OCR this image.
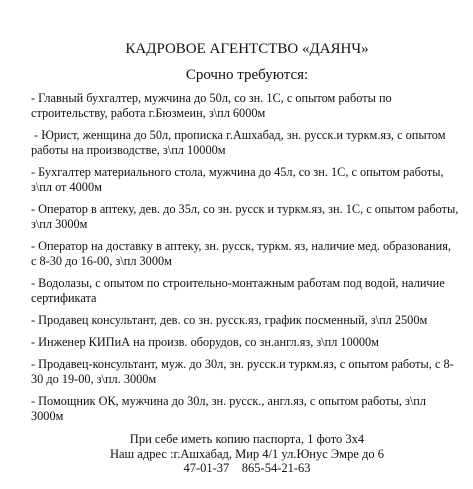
КАДРОВОЕ АГЕНТСТВО «ДАЯНЧ»
Срочно требуются:
- Главный бухгалтер, мужчина до 50л, со зн. 1С, с опытом работы по строительству, работа г.Бюзмеин, з\пл 6000м
- Юрист, женщина до 50л, прописка г.Ашхабад, зн. русск.и туркм.яз, с опытом работы на производстве, з\пл 10000м
- Бухгалтер материального стола, мужчина до 45л, со зн. 1С, с опытом работы, з\пл от 4000м
- Оператор в аптеку, дев. до 35л, со зн. русск и туркм.яз, зн. 1С, с опытом работы, з\пл 3000м
- Оператор на доставку в аптеку, зн. русск, туркм. яз, наличие мед. образования, с 8-30 до 16-00, з\пл 3000м
- Водолазы, с опытом по строительно-монтажным работам под водой, наличие сертификата
- Продавец консультант, дев. со зн. русск.яз, график посменный, з\пл 2500м
- Инженер КИПиА на произв. оборудов, со зн.англ.яз, з\пл 10000м
- Продавец-консультант, муж. до 30л, зн. русск.и туркм.яз, с опытом работы, с 8-30 до 19-00, з\пл. 3000м
- Помощник ОК, мужчина до 30л, зн. русск., англ.яз, с опытом работы, з\пл 3000м
При себе иметь копию паспорта, 1 фото 3х4
Наш адрес :г.Ашхабад, Мир 4/1 ул.Юнус Эмре до 6
47-01-37    865-54-21-63
